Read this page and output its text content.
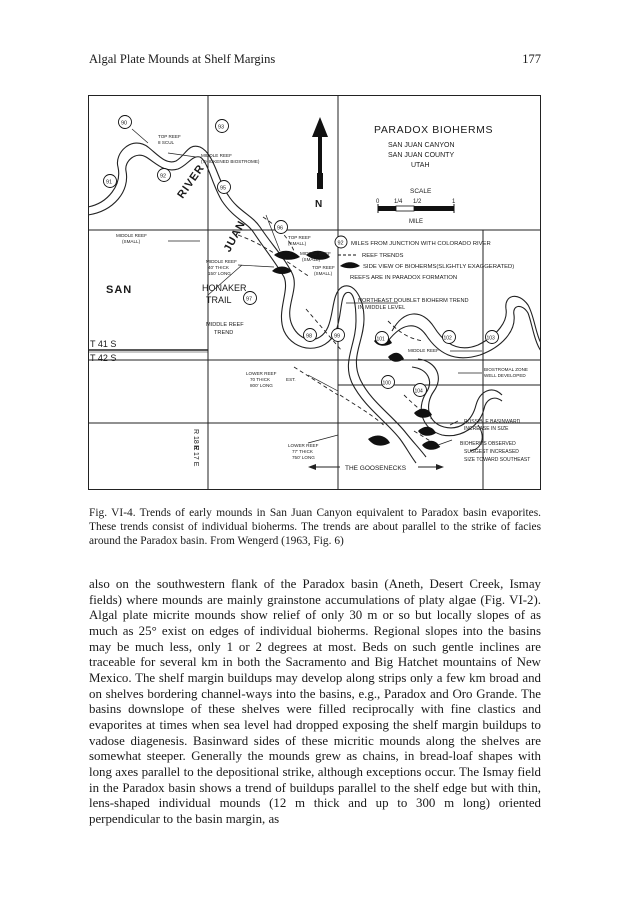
Algal Plate Mounds at Shelf Margins	177
N
PARADOX BIOHERMS
SAN JUAN CANYON
SAN JUAN COUNTY
UTAH
SCALE
0 1/4 1/2	1
MILE
92 MILES FROM JUNCTION WITH COLORADO RIVER
REEF TRENDS
SIDE VIEW OF BIOHERMS(SLIGHTLY EXAGGERATED)
REEFS ARE IN PARADOX FORMATION
90
93
91
92
95
96
97
98	99
100
101	102	103
104
SAN
JUAN
RIVER
TOP REEF
8 SCUL
MIDDLE REEF
(THICKENED BIOSTROME)
MIDDLE REEF
(SMALL)
TOP REEF
(SMALL)
MIDDLE REEF
(SMALL)
TOP REEF
(SMALL)
MIDDLE REEF
40' THICK
150' LONG
HONAKER
TRAIL
MIDDLE REEF
TREND
NORTHEAST DOUBLET BIOHERM TREND
IN MIDDLE LEVEL
MIDDLE REEF
BIOSTROMAL ZONE
WELL DEVELOPED
LOWER REEF
70 THICK
800' LONG
EST.
POSSIBLE BASINWARD
INCREASE IN SIZE
BIOHERMS OBSERVED
SUGGEST INCREASED
SIZE TOWARD SOUTHEAST
LOWER REEF
77' THICK
750' LONG
THE GOOSENECKS
T 41 S
T 42 S
R 18 E
R 17 E
Fig. VI-4. Trends of early mounds in San Juan Canyon equivalent to Paradox basin evaporites. These trends consist of individual bioherms. The trends are about parallel to the strike of facies around the Paradox basin. From Wengerd (1963, Fig. 6)

also on the southwestern flank of the Paradox basin (Aneth, Desert Creek, Ismay fields) where mounds are mainly grainstone accumulations of platy algae (Fig. VI-2). Algal plate micrite mounds show relief of only 30 m or so but locally slopes of as much as 25° exist on edges of individual bioherms. Regional slopes into the basins may be much less, only 1 or 2 degrees at most. Beds on such gentle inclines are traceable for several km in both the Sacramento and Big Hatchet mountains of New Mexico. The shelf margin buildups may develop along strips only a few km broad and on shelves bordering channel-ways into the basins, e.g., Paradox and Oro Grande. The basins downslope of these shelves were filled reciprocally with fine clastics and evaporites at times when sea level had dropped exposing the shelf margin buildups to vadose diagenesis. Basinward sides of these micritic mounds along the shelves are somewhat steeper. Generally the mounds grew as chains, in bread-loaf shapes with long axes parallel to the depositional strike, although exceptions occur. The Ismay field in the Paradox basin shows a trend of buildups parallel to the shelf edge but with thin, lens-shaped individual mounds (12 m thick and up to 300 m long) oriented perpendicular to the basin margin, as
